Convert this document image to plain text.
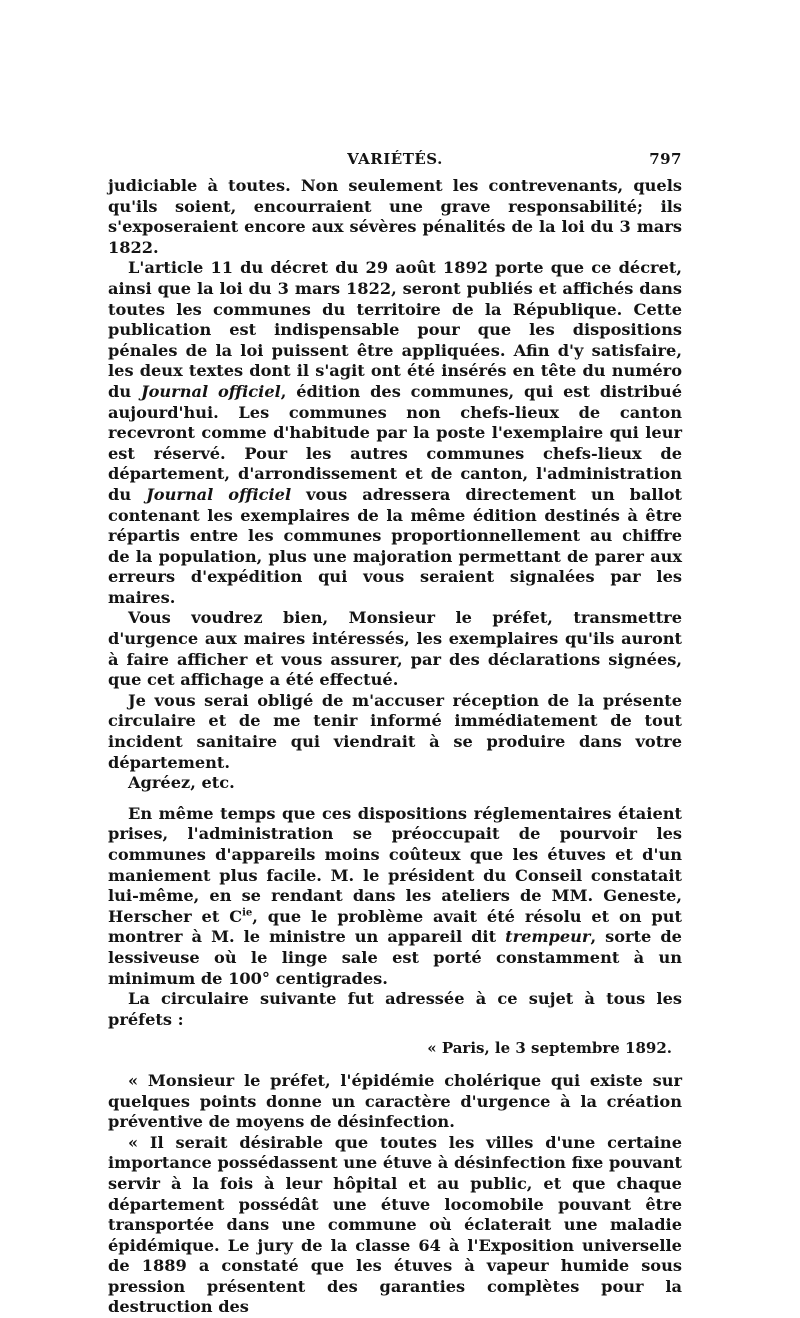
VARIÉTÉS.	797

judiciable à toutes. Non seulement les contrevenants, quels qu'ils soient, encourraient une grave responsabilité; ils s'exposeraient encore aux sévères pénalités de la loi du 3 mars 1822.

L'article 11 du décret du 29 août 1892 porte que ce décret, ainsi que la loi du 3 mars 1822, seront publiés et affichés dans toutes les communes du territoire de la République. Cette publication est indispensable pour que les dispositions pénales de la loi puissent être appliquées. Afin d'y satisfaire, les deux textes dont il s'agit ont été insérés en tête du numéro du Journal officiel, édition des communes, qui est distribué aujourd'hui. Les communes non chefs-lieux de canton recevront comme d'habitude par la poste l'exemplaire qui leur est réservé. Pour les autres communes chefs-lieux de département, d'arrondissement et de canton, l'administration du Journal officiel vous adressera directement un ballot contenant les exemplaires de la même édition destinés à être répartis entre les communes proportionnellement au chiffre de la population, plus une majoration permettant de parer aux erreurs d'expédition qui vous seraient signalées par les maires.

Vous voudrez bien, Monsieur le préfet, transmettre d'urgence aux maires intéressés, les exemplaires qu'ils auront à faire afficher et vous assurer, par des déclarations signées, que cet affichage a été effectué.

Je vous serai obligé de m'accuser réception de la présente circulaire et de me tenir informé immédiatement de tout incident sanitaire qui viendrait à se produire dans votre département.

Agréez, etc.

En même temps que ces dispositions réglementaires étaient prises, l'administration se préoccupait de pourvoir les communes d'appareils moins coûteux que les étuves et d'un maniement plus facile. M. le président du Conseil constatait lui-même, en se rendant dans les ateliers de MM. Geneste, Herscher et $C^{ie}$, que le problème avait été résolu et on put montrer à M. le ministre un appareil dit trempeur, sorte de lessiveuse où le linge sale est porté constamment à un minimum de 100° centigrades.

La circulaire suivante fut adressée à ce sujet à tous les préfets :

« Paris, le 3 septembre 1892.

« Monsieur le préfet, l'épidémie cholérique qui existe sur quelques points donne un caractère d'urgence à la création préventive de moyens de désinfection.

« Il serait désirable que toutes les villes d'une certaine importance possédassent une étuve à désinfection fixe pouvant servir à la fois à leur hôpital et au public, et que chaque département possédât une étuve locomobile pouvant être transportée dans une commune où éclaterait une maladie épidémique. Le jury de la classe 64 à l'Exposition universelle de 1889 a constaté que les étuves à vapeur humide sous pression présentent des garanties complètes pour la destruction des
